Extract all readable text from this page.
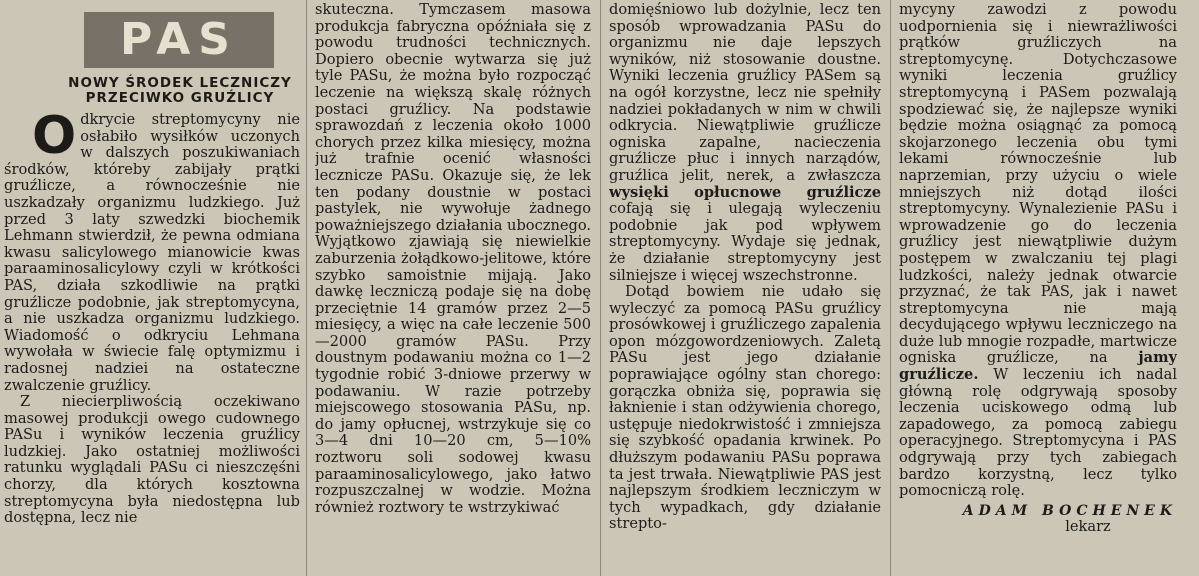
PAS
NOWY ŚRODEK LECZNICZY
PRZECIWKO GRUŹLICY

Odkrycie streptomycyny nie osłabiło wysiłków uczonych w dalszych poszukiwaniach środków, którebу zabijały prątki gruźlicze, a równocześnie nie uszkadzały organizmu ludzkiego. Już przed 3 laty szwedzki biochemik Lehmann stwierdził, że pewna odmiana kwasu salicylowego mianowicie kwas paraaminosalicylowy czyli w krótkości PAS, działa szkodliwie na prątki gruźlicze podobnie, jak streptomycyna, a nie uszkadza organizmu ludzkiego. Wiadomość o odkryciu Lehmana wywołała w świecie falę optymizmu i radosnej nadziei na ostateczne zwalczenie gruźlicy.

Z niecierpliwością oczekiwano masowej produkcji owego cudownego PASu i wyników leczenia gruźlicy ludzkiej. Jako ostatniej możliwości ratunku wyglądali PASu ci nieszczęśni chorzy, dla których kosztowna streptomycyna była niedostępna lub dostępna, lecz nie

skuteczna. Tymczasem masowa produkcja fabryczna opóźniała się z powodu trudności technicznych. Dopiero obecnie wytwarza się już tyle PASu, że można było rozpocząć leczenie na większą skalę różnych postaci gruźlicy. Na podstawie sprawozdań z leczenia około 1000 chorych przez kilka miesięcy, można już trafnie ocenić własności lecznicze PASu. Okazuje się, że lek ten podany doustnie w postaci pastylek, nie wywołuje żadnego poważniejszego działania ubocznego. Wyjątkowo zjawiają się niewielkie zaburzenia żołądkowo-jelitowe, które szybko samoistnie mijają. Jako dawkę leczniczą podaje się na dobę przeciętnie 14 gramów przez 2—5 miesięcy, a więc na całe leczenie 500—2000 gramów PASu. Przy doustnym podawaniu można co 1—2 tygodnie robić 3-dniowe przerwy w podawaniu. W razie potrzeby miejscowego stosowania PASu, np. do jamy opłucnej, wstrzykuje się co 3—4 dni 10—20 cm, 5—10% roztworu soli sodowej kwasu paraaminosalicylowego, jako łatwo rozpuszczalnej w wodzie. Można również roztwory te wstrzykiwać

domięśniowo lub dożylnie, lecz ten sposób wprowadzania PASu do organizmu nie daje lepszych wyników, niż stosowanie doustne. Wyniki leczenia gruźlicy PASem są na ogół korzystne, lecz nie spełniły nadziei pokładanych w nim w chwili odkrycia. Niewątpliwie gruźlicze ogniska zapalne, nacieczenia gruźlicze płuc i innych narządów, gruźlica jelit, nerek, a zwłaszcza wysięki opłucnowe gruźlicze cofają się i ulegają wyleczeniu podobnie jak pod wpływem streptomycyny. Wydaje się jednak, że działanie streptomycyny jest silniejsze i więcej wszechstronne.

Dotąd bowiem nie udało się wyleczyć za pomocą PASu gruźlicy prosówkowej i gruźliczego zapalenia opon mózgowordzeniowych. Zaletą PASu jest jego działanie poprawiające ogólny stan chorego: gorączka obniża się, poprawia się łaknienie i stan odżywienia chorego, ustępuje niedokrwistość i zmniejsza się szybkość opadania krwinek. Po dłuższym podawaniu PASu poprawa ta jest trwała. Niewątpliwie PAS jest najlepszym środkiem leczniczym w tych wypadkach, gdy działanie strepto-

mycyny zawodzi z powodu uodpornienia się i niewrażliwości prątków gruźliczych na streptomycynę. Dotychczasowe wyniki leczenia gruźlicy streptomycyną i PASem pozwalają spodziewać się, że najlepsze wyniki będzie można osiągnąć za pomocą skojarzonego leczenia obu tymi lekami równocześnie lub naprzemian, przy użyciu o wiele mniejszych niż dotąd ilości streptomycyny. Wynalezienie PASu i wprowadzenie go do leczenia gruźlicy jest niewątpliwie dużym postępem w zwalczaniu tej plagi ludzkości, należy jednak otwarcie przyznać, że tak PAS, jak i nawet streptomycyna nie mają decydującego wpływu leczniczego na duże lub mnogie rozpadłe, martwicze ogniska gruźlicze, na jamy gruźlicze. W leczeniu ich nadal główną rolę odgrywają sposoby leczenia uciskowego odmą lub zapadowego, za pomocą zabiegu operacyjnego. Streptomycyna i PAS odgrywają przy tych zabiegach bardzo korzystną, lecz tylko pomocniczą rolę.

ADAM BOCHENEK
lekarz
